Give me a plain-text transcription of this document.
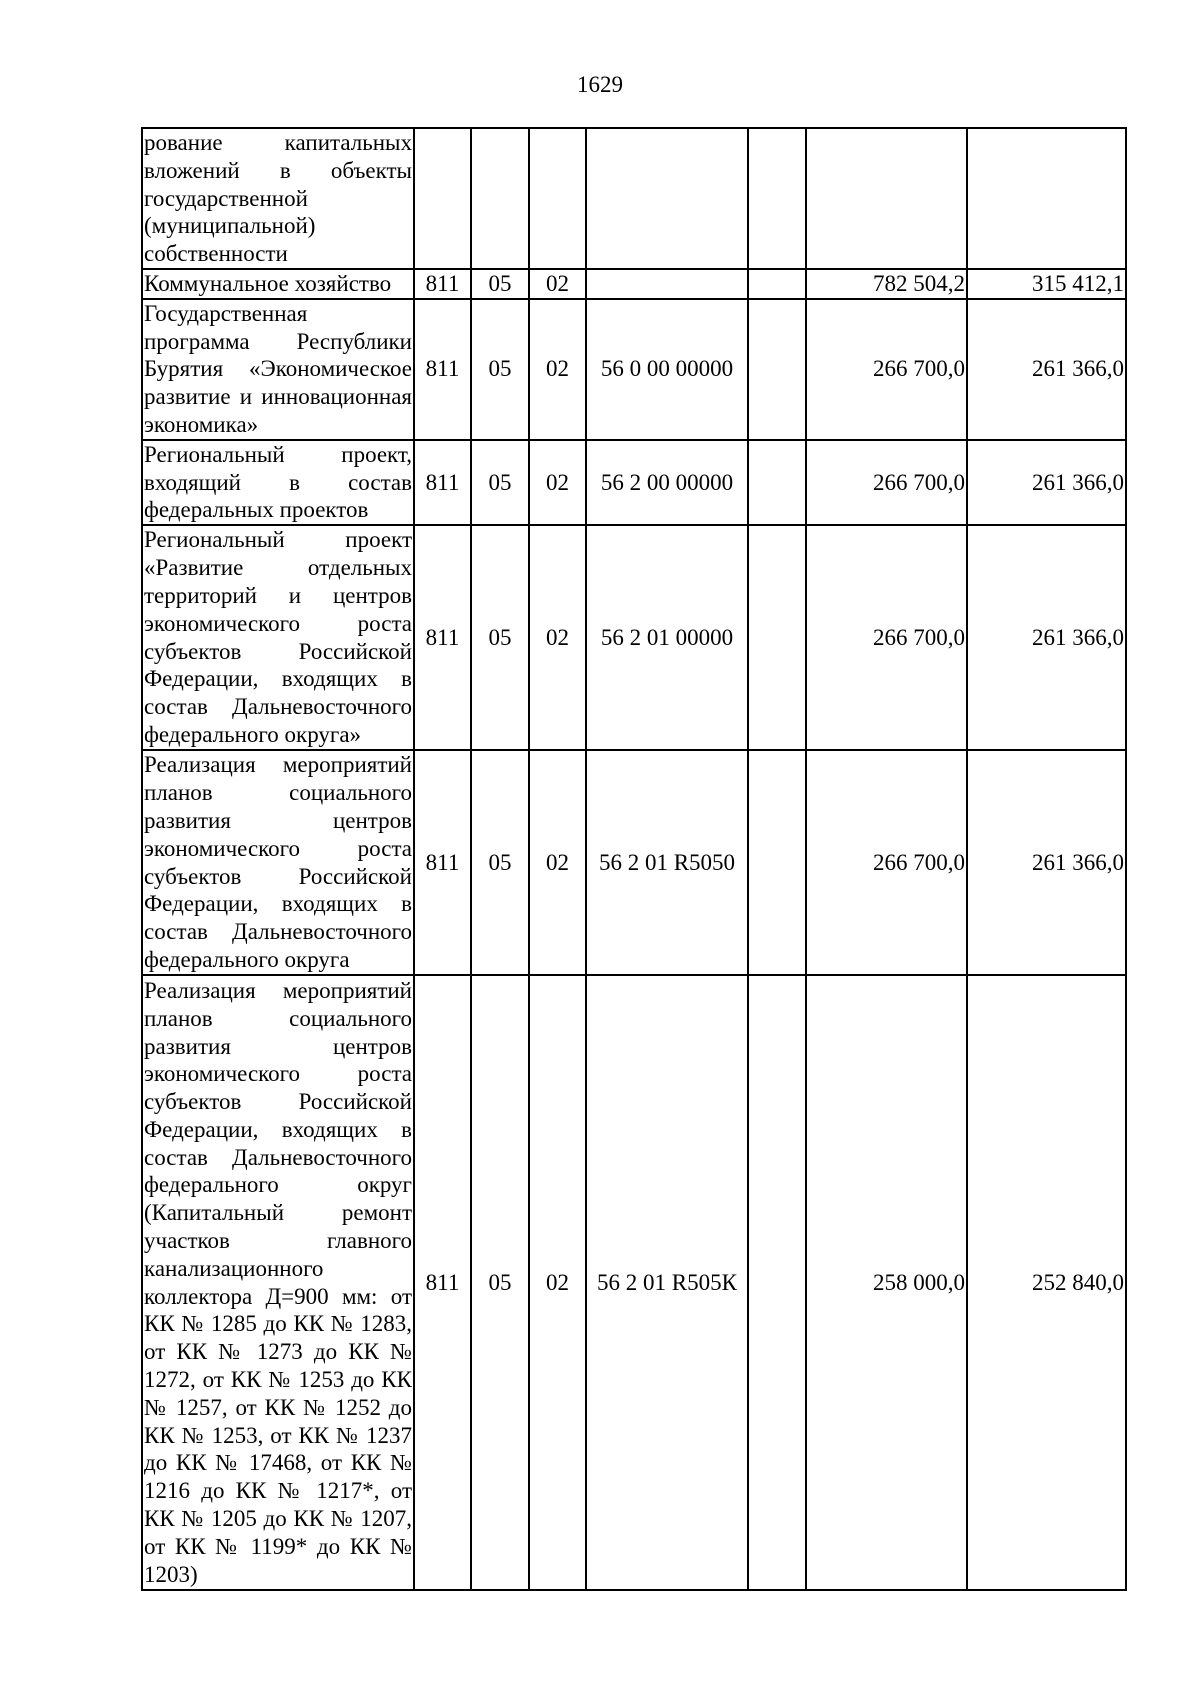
1629
рование капитальных вложений в объекты государственной (муниципальной) собственности							
Коммунальное хозяйство	811	05	02			782 504,2	315 412,1
Государственная программа Республики Бурятия «Экономическое развитие и инновационная экономика»	811	05	02	56 0 00 00000		266 700,0	261 366,0
Региональный проект, входящий в состав федеральных проектов	811	05	02	56 2 00 00000		266 700,0	261 366,0
Региональный проект «Развитие отдельных территорий и центров экономического роста субъектов Российской Федерации, входящих в состав Дальневосточного федерального округа»	811	05	02	56 2 01 00000		266 700,0	261 366,0
Реализация мероприятий планов социального развития центров экономического роста субъектов Российской Федерации, входящих в состав Дальневосточного федерального округа	811	05	02	56 2 01 R5050		266 700,0	261 366,0
Реализация мероприятий планов социального развития центров экономического роста субъектов Российской Федерации, входящих в состав Дальневосточного федерального округ (Капитальный ремонт участков главного канализационного коллектора Д=900 мм: от КК № 1285 до КК № 1283, от КК № 1273 до КК № 1272, от КК № 1253 до КК № 1257, от КК № 1252 до КК № 1253, от КК № 1237 до КК № 17468, от КК № 1216 до КК № 1217*, от КК № 1205 до КК № 1207, от КК № 1199* до КК № 1203)	811	05	02	56 2 01 R505К		258 000,0	252 840,0
